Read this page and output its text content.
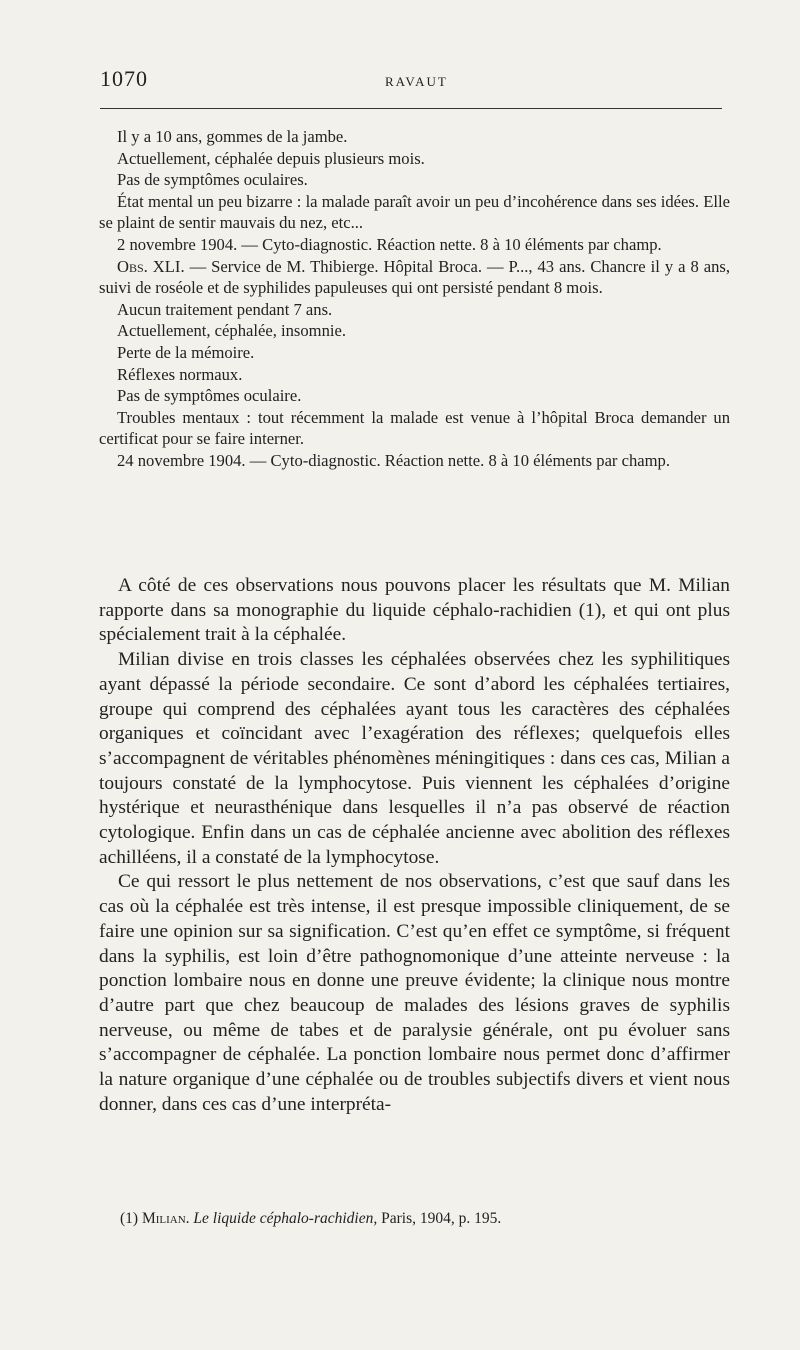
1070	RAVAUT

Il y a 10 ans, gommes de la jambe.

Actuellement, céphalée depuis plusieurs mois.

Pas de symptômes oculaires.

État mental un peu bizarre : la malade paraît avoir un peu d’incohérence dans ses idées. Elle se plaint de sentir mauvais du nez, etc...

2 novembre 1904. — Cyto-diagnostic. Réaction nette. 8 à 10 éléments par champ.

Obs. XLI. — Service de M. Thibierge. Hôpital Broca. — P..., 43 ans. Chancre il y a 8 ans, suivi de roséole et de syphilides papuleuses qui ont persisté pendant 8 mois.

Aucun traitement pendant 7 ans.

Actuellement, céphalée, insomnie.

Perte de la mémoire.

Réflexes normaux.

Pas de symptômes oculaire.

Troubles mentaux : tout récemment la malade est venue à l’hôpital Broca demander un certificat pour se faire interner.

24 novembre 1904. — Cyto-diagnostic. Réaction nette. 8 à 10 éléments par champ.

A côté de ces observations nous pouvons placer les résultats que M. Milian rapporte dans sa monographie du liquide céphalo-rachidien (1), et qui ont plus spécialement trait à la céphalée.

Milian divise en trois classes les céphalées observées chez les syphilitiques ayant dépassé la période secondaire. Ce sont d’abord les céphalées tertiaires, groupe qui comprend des céphalées ayant tous les caractères des céphalées organiques et coïncidant avec l’exagération des réflexes; quelquefois elles s’accompagnent de véritables phénomènes méningitiques : dans ces cas, Milian a toujours constaté de la lymphocytose. Puis viennent les céphalées d’origine hystérique et neurasthénique dans lesquelles il n’a pas observé de réaction cytologique. Enfin dans un cas de céphalée ancienne avec abolition des réflexes achilléens, il a constaté de la lymphocytose.

Ce qui ressort le plus nettement de nos observations, c’est que sauf dans les cas où la céphalée est très intense, il est presque impossible cliniquement, de se faire une opinion sur sa signification. C’est qu’en effet ce symptôme, si fréquent dans la syphilis, est loin d’être pathognomonique d’une atteinte nerveuse : la ponction lombaire nous en donne une preuve évidente; la clinique nous montre d’autre part que chez beaucoup de malades des lésions graves de syphilis nerveuse, ou même de tabes et de paralysie générale, ont pu évoluer sans s’accompagner de céphalée. La ponction lombaire nous permet donc d’affirmer la nature organique d’une céphalée ou de troubles subjectifs divers et vient nous donner, dans ces cas d’une interpréta-

(1) Milian. Le liquide céphalo-rachidien, Paris, 1904, p. 195.
